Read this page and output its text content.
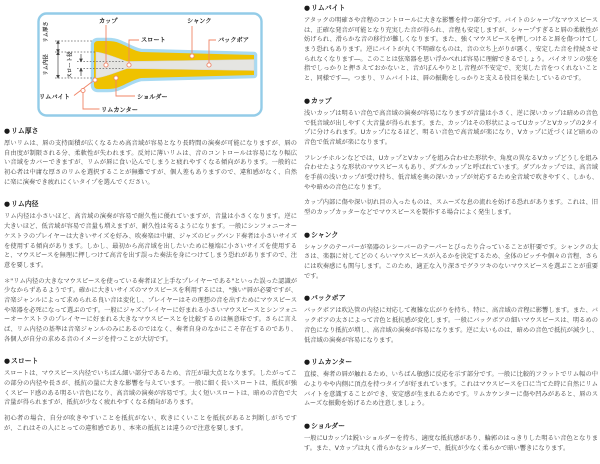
リム厚さ
リム内径	スロート径
カップ
スロート
シャンク
バックボア
リムバイト	ショルダー
リムカンター
●リム厚さ

厚いリムは、唇の支持面積が広くなるため高音域が容易となり長時間の演奏が可能になりますが、唇の自由度が制限される分、柔軟性が失われます。反対に薄いリムは、音のコントロールは容易になり幅広い音域をカバーできますが、リムが唇に食い込んでしまうと疲れやすくなる傾向があります。一般的に初心者は中庸な厚さのリムを選択することが無難ですが、個人差もありますので、違和感がなく、自然に楽に演奏でき疲れにくいタイプを選んでください。

●リム内径

リム内径は小さいほど、高音域の演奏が容易で耐久性に優れていますが、音量は小さくなります。逆に大きいほど、低音域が容易で音量も増えますが、耐久性は劣るようになります。一般にシンフォニーオーケストラのプレイヤーは大きいサイズを好み、吹奏楽は中庸、ジャズのビッグバンド奏者は小さいサイズを使用する傾向があります。しかし、最初から高音域を出したいために極端に小さいサイズを使用すると、マウスピースを無理に押しつけて高音を出す誤った奏法を身につけてしまう恐れがありますので、注意を要します。

＊"リム内径の大きなマウスピースを使っている奏者ほど上手なプレイヤーである"といった誤った認識が少なからずあるようです。確かに大きいサイズのマウスピースを利用するには、"強い"唇が必要ですが、音楽ジャンルによって求められる良い音は変化し、プレイヤーはその理想の音を出すためにマウスピースや楽器を必死になって選ぶのです。一般にジャズプレイヤーに好まれる小さいマウスピースとシンフォニーオーケストラのプレイヤーに好まれる大きなマウスピースとを比較するのは無意味です。さらに言えば、リム内径の基準は音楽ジャンルのみにあるのではなく、奏者自身のなかにこそ存在するのであり、各個人が自分の求める音のイメージを持つことが大切です。

●スロート

スロートは、マウスピース内径でいちばん細い部分であるため、音圧が最大点となります。したがってこの部分の内径や長さが、抵抗の量に大きな影響を与えています。一般に細く長いスロートは、抵抗が強くスピード感のある明るい音色になり、高音域の演奏が容易です。太く短いスロートは、暗めの音色で大音量が得られますが、抵抗が少なく疲れやすくなる傾向があります。

初心者の場合、自分が吹きやすいことを抵抗がない、吹きにくいことを抵抗があると判断しがちですが、これはその人にとっての違和感であり、本来の抵抗とは違うので注意を要します。

●リムバイト

アタックの明確さや音程のコントロールに大きな影響を持つ部分です。バイトのシャープなマウスピースは、正確な発音が可能となり充実した音が得られ、音程も安定しますが、シャープすぎると唇の柔軟性が妨げられ、滑らかな音の移行が難しくなります。また、強くマウスピースを押しつけると唇を傷つけてしまう恐れもあります。逆にバイトが丸く不明確なものは、音の立ち上がりが悪く、安定した音を持続させられなくなります―。このことは弦楽器を思い浮かべれば容易に理解できるでしょう。バイオリンの弦を指でしっかりと押さえておかないと、音がぼんやりとし音程が不安定で、充実した音をつくれないことと、同様です―。つまり、リムバイトは、唇の振動をしっかりと支える役目を果たしているのです。

●カップ

浅いカップは明るい音色で高音域の演奏が容易になりますが音量は小さく、逆に深いカップは暗めの音色で低音域が出しやすく大音量が得られます。また、カップはその形状によってUカップとVカップの2タイプに分けられます。Uカップになるほど、明るい音色で高音域が楽になり、Vカップに近づくほど暗めの音色で低音域が楽になります。

フレンチホルンなどでは、UカップとVカップを組み合わせた形状や、角度の異なるVカップどうしを組み合わせたような形状のマウスピースもあり、ダブルカップと呼ばれています。ダブルカップでは、高音域を手前の浅いカップが受け持ち、低音域を奥の深いカップが対応するため全音域で吹きやすく、しかも、やや暗めの音色になります。

カップ内部に傷や深い切れ目の入ったものは、スムーズな息の流れを妨げる恐れがあります。これは、旧型のカップカッターなどでマウスピースを製作する場合によく発生します。

●シャンク

シャンクのテーパーが楽器のレシーバーのテーパーとぴったり合っていることが肝要です。シャンクの太さは、楽器に対してどのくらいマウスピースが入るかを決定するため、全体のピッチや個々の音程、さらには吹奏感にも関与します。このため、適正な入り深さでグラツキのないマウスピースを選ぶことが重要です。

●バックボア

バックボアは吹込管の内径に対応して複雑な広がりを持ち、特に、高音域の音程に影響します。また、バックボアの太さによって音色と抵抗感が変化します。一般にバックボアの細いマウスピースは、明るめの音色になり抵抗が増し、高音域の演奏が容易になります。逆に太いものは、暗めの音色で抵抗が減少し、低音域の演奏が容易になります。

●リムカンター

直接、奏者の唇が触れるため、いちばん敏感に反応を示す部分です。一般に比較的フラットでリム幅の中心よりやや内側に頂点を持つタイプが好まれています。これはマウスピースを口に当てた時に自然にリムバイトを意識することができ、安定感が生まれるためです。リムカウンターに傷や凹みがあると、唇のスムーズな振動を妨げるため注意しましょう。

●ショルダー

一般にUカップは鋭いショルダーを持ち、適度な抵抗感があり、輪郭のはっきりした明るい音色となります。また、Vカップは丸く滑らかなショルダーで、抵抗が少なく柔らかで暗い響きになります。
